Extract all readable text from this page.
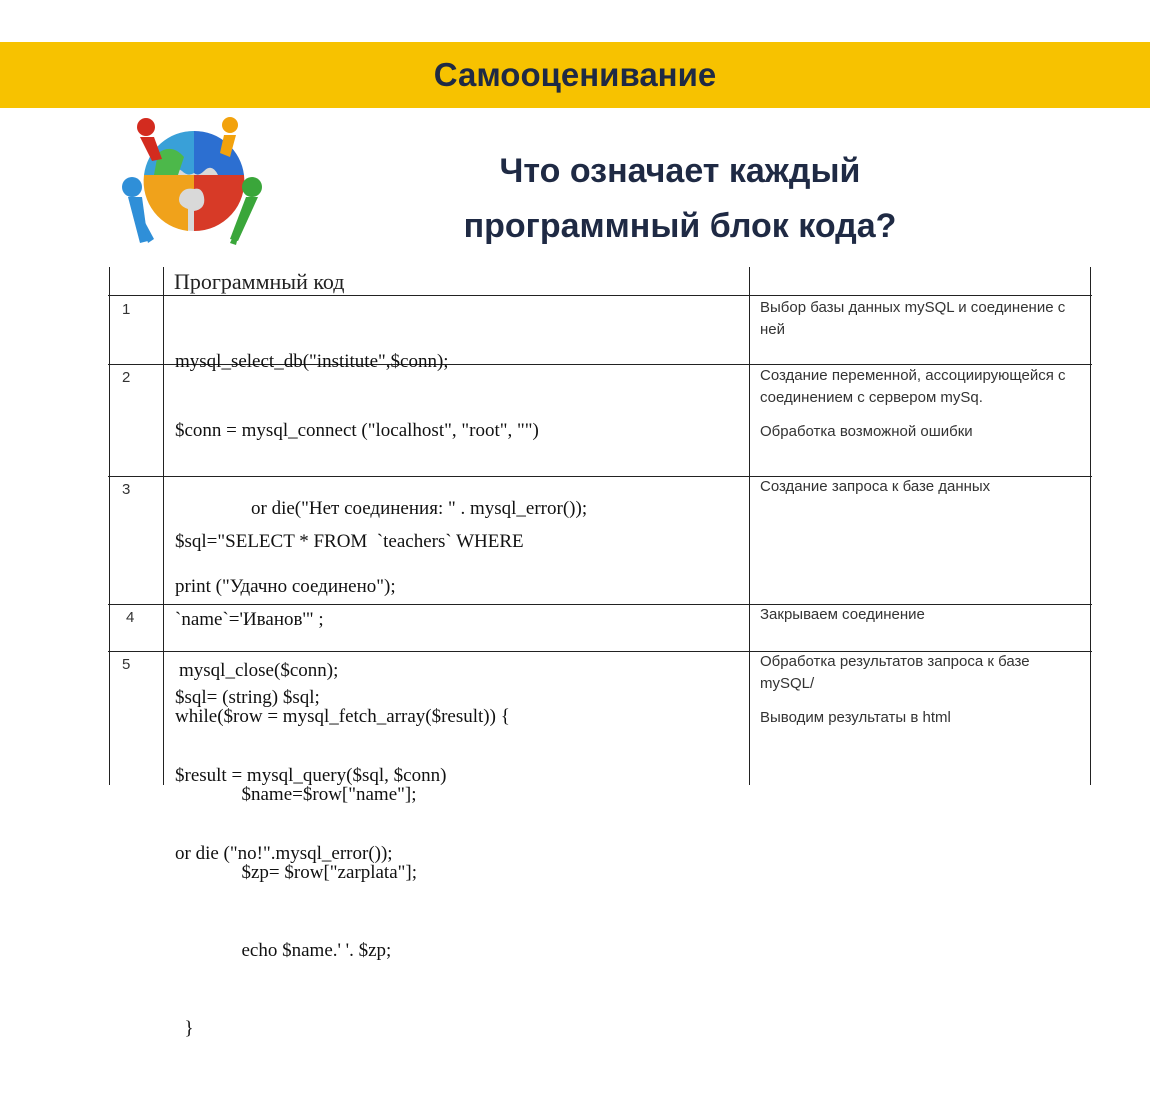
Самооценивание
Что означает каждый
программный блок кода?
Программный код
1

mysql_select_db("institute",$conn);

Выбор базы данных mySQL и соединение с ней

2

$conn = mysql_connect ("localhost", "root", "")

or die("Нет соединения: " . mysql_error());

print ("Удачно соединено");

Создание переменной, ассоциирующейся с соединением с сервером mySq.

Обработка возможной ошибки

3

$sql="SELECT * FROM  `teachers` WHERE

`name`='Иванов'" ;

$sql= (string) $sql;

$result = mysql_query($sql, $conn)

or die ("no!".mysql_error());

Создание запроса к базе данных

4

mysql_close($conn);

Закрываем соединение

5

while($row = mysql_fetch_array($result)) {

$name=$row["name"];

$zp= $row["zarplata"];

echo $name.' '. $zp;

}

Обработка результатов запроса к базе mySQL/

Выводим результаты в html
